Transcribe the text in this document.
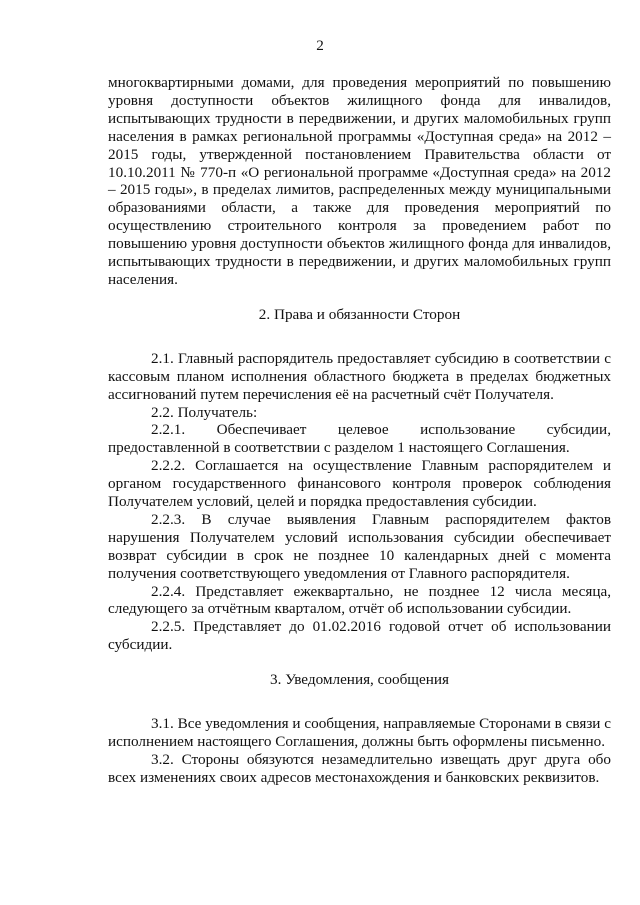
2

многоквартирными домами, для проведения мероприятий по повышению уровня доступности объектов жилищного фонда для инвалидов, испытывающих трудности в передвижении, и других маломобильных групп населения в рамках региональной программы «Доступная среда» на 2012 – 2015 годы, утвержденной постановлением Правительства области от 10.10.2011 № 770-п «О региональной программе «Доступная среда» на 2012 – 2015 годы», в пределах лимитов, распределенных между муниципальными образованиями области, а также для проведения мероприятий по осуществлению строительного контроля за проведением работ по повышению уровня доступности объектов жилищного фонда для инвалидов, испытывающих трудности в передвижении, и других маломобильных групп населения.

2. Права и обязанности Сторон

2.1. Главный распорядитель предоставляет субсидию в соответствии с кассовым планом исполнения областного бюджета в пределах бюджетных ассигнований путем перечисления её на расчетный счёт Получателя.

2.2. Получатель:

2.2.1. Обеспечивает целевое использование субсидии, предоставленной в соответствии с разделом 1 настоящего Соглашения.

2.2.2. Соглашается на осуществление Главным распорядителем и органом государственного финансового контроля проверок соблюдения Получателем условий, целей и порядка предоставления субсидии.

2.2.3. В случае выявления Главным распорядителем фактов нарушения Получателем условий использования субсидии обеспечивает возврат субсидии в срок не позднее 10 календарных дней с момента получения соответствующего уведомления от Главного распорядителя.

2.2.4. Представляет ежеквартально, не позднее 12 числа месяца, следующего за отчётным кварталом, отчёт об использовании субсидии.

2.2.5. Представляет до 01.02.2016 годовой отчет об использовании субсидии.

3. Уведомления, сообщения

3.1. Все уведомления и сообщения, направляемые Сторонами в связи с исполнением настоящего Соглашения, должны быть оформлены письменно.

3.2. Стороны обязуются незамедлительно извещать друг друга обо всех изменениях своих адресов местонахождения и банковских реквизитов.
